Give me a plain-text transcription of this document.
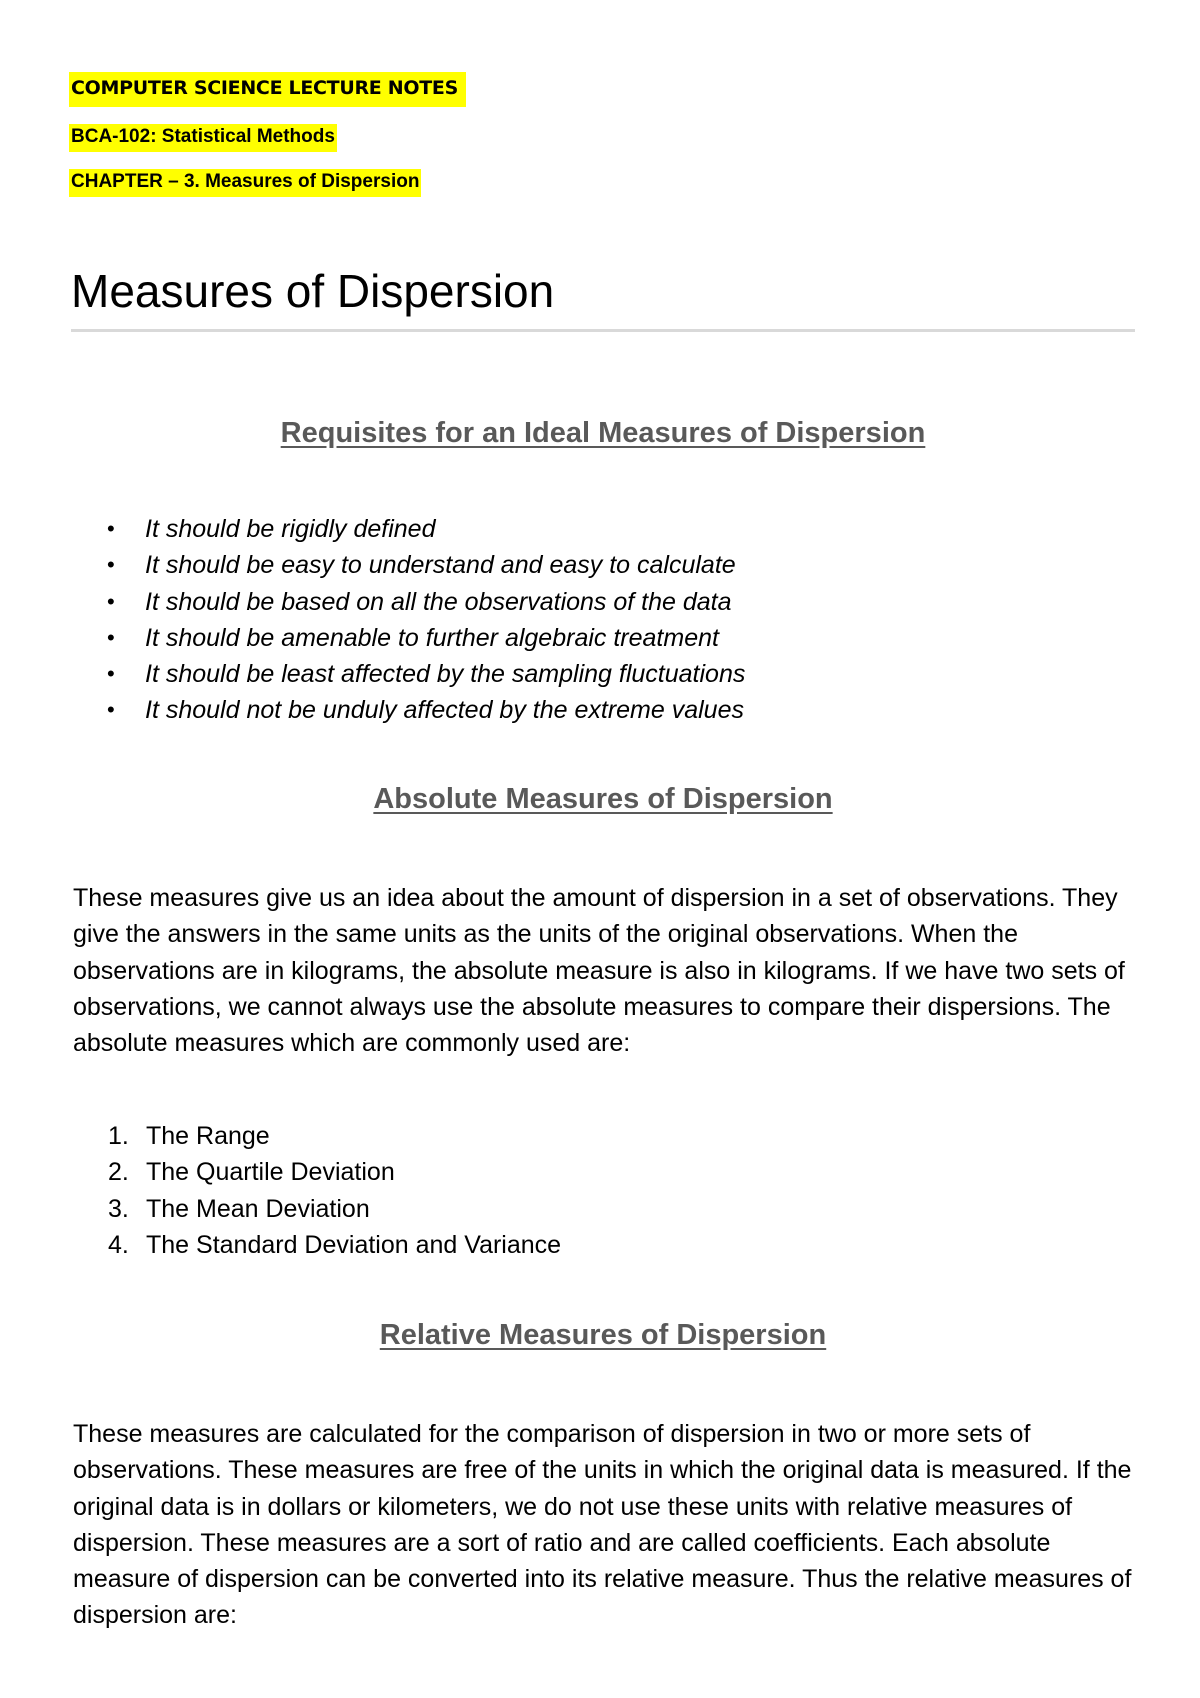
COMPUTER SCIENCE LECTURE NOTES
BCA-102: Statistical Methods
CHAPTER – 3. Measures of Dispersion
Measures of Dispersion
Requisites for an Ideal Measures of Dispersion
• It should be rigidly defined
• It should be easy to understand and easy to calculate
• It should be based on all the observations of the data
• It should be amenable to further algebraic treatment
• It should be least affected by the sampling fluctuations
• It should not be unduly affected by the extreme values
Absolute Measures of Dispersion

These measures give us an idea about the amount of dispersion in a set of observations. They give the answers in the same units as the units of the original observations. When the observations are in kilograms, the absolute measure is also in kilograms. If we have two sets of observations, we cannot always use the absolute measures to compare their dispersions. The absolute measures which are commonly used are:

1. The Range
2. The Quartile Deviation
3. The Mean Deviation
4. The Standard Deviation and Variance
Relative Measures of Dispersion

These measures are calculated for the comparison of dispersion in two or more sets of observations. These measures are free of the units in which the original data is measured. If the original data is in dollars or kilometers, we do not use these units with relative measures of dispersion. These measures are a sort of ratio and are called coefficients. Each absolute measure of dispersion can be converted into its relative measure. Thus the relative measures of dispersion are:
